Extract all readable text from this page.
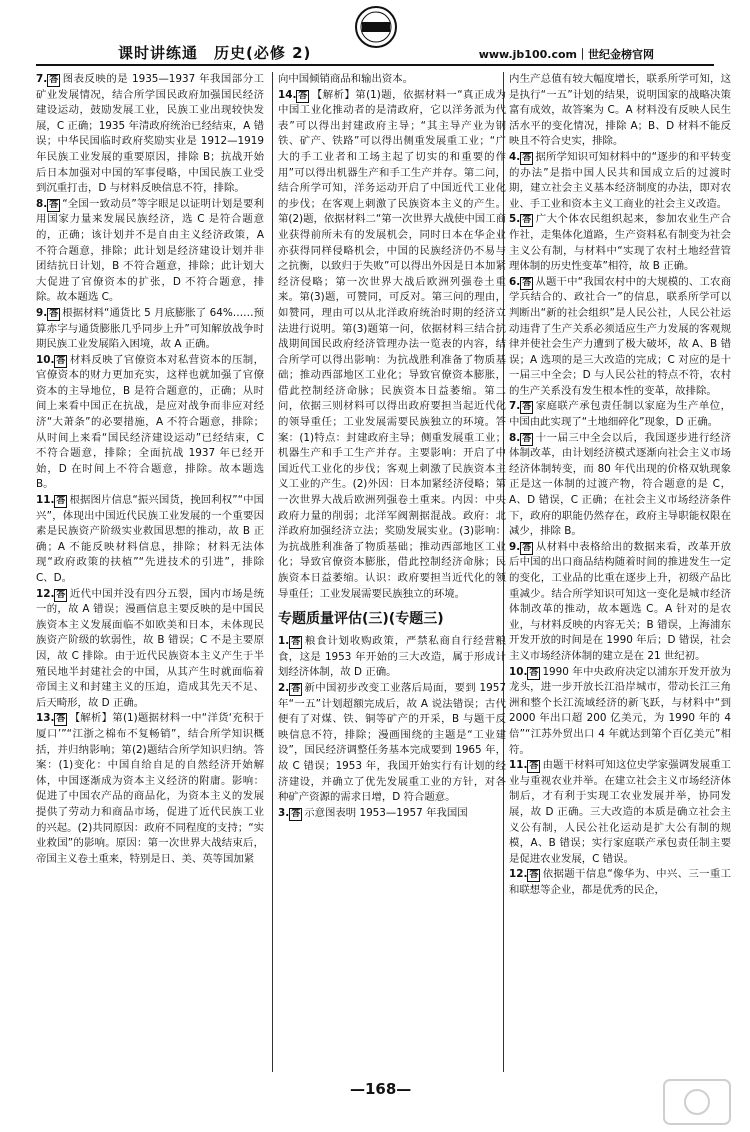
课时讲练通　历史(必修 2)	www.jb100.com｜世纪金榜官网
7. 答 图表反映的是 1935—1937 年我国部分工矿业发展情况，结合所学国民政府加强国民经济建设运动，鼓励发展工业，民族工业出现较快发展，C 正确；1935 年清政府统治已经结束，A 错误；中华民国临时政府奖励实业是 1912—1919 年民族工业发展的重要原因，排除 B；抗战开始后日本加强对中国的军事侵略，中国民族工业受到沉重打击，D 与材料反映信息不符，排除。
8. 答 “全国一致动员”等字眼足以证明计划是要利用国家力量来发展民族经济，选 C 是符合题意的，正确；该计划并不是自由主义经济政策，A 不符合题意，排除；此计划是经济建设计划并非团结抗日计划，B 不符合题意，排除；此计划大大促进了官僚资本的扩张，D 不符合题意，排除。故本题选 C。
9. 答 根据材料“通货比 5 月底膨胀了 64%……预算赤字与通货膨胀几乎同步上升”可知解放战争时期民族工业发展陷入困境，故 A 正确。
10. 答 材料反映了官僚资本对私营资本的压制，官僚资本的财力更加充实，这样也就加强了官僚资本的主导地位，B 是符合题意的，正确；从时间上来看中国正在抗战，是应对战争而非应对经济“大萧条”的必要措施，A 不符合题意，排除；从时间上来看“国民经济建设运动”已经结束，C 不符合题意，排除；全面抗战 1937 年已经开始，D 在时间上不符合题意，排除。故本题选 B。
11. 答 根据图片信息“振兴国货，挽回利权”“中国兴”，体现出中国近代民族工业发展的一个重要因素是民族资产阶级实业救国思想的推动，故 B 正确；A 不能反映材料信息，排除；材料无法体现“政府政策的扶植”“先进技术的引进”，排除 C、D。
12. 答 近代中国并没有四分五裂，国内市场是统一的，故 A 错误；漫画信息主要反映的是中国民族资本主义发展面临不如欧美和日本，未体现民族资产阶级的软弱性，故 B 错误；C 不是主要原因，故 C 排除。由于近代民族资本主义产生于半殖民地半封建社会的中国，从其产生时就面临着帝国主义和封建主义的压迫，造成其先天不足、后天畸形，故 D 正确。
13. 答 【解析】第(1)题据材料一中“洋货‘充积于厦口’”“江浙之棉布不复畅销”，结合所学知识概括，并归纳影响；第(2)题结合所学知识归纳。答案：(1)变化：中国自给自足的自然经济开始解体，中国逐渐成为资本主义经济的附庸。影响：促进了中国农产品的商品化，为资本主义的发展提供了劳动力和商品市场，促进了近代民族工业的兴起。(2)共同原因：政府不同程度的支持；“实业救国”的影响。原因：第一次世界大战结束后，帝国主义卷土重来，特别是日、美、英等国加紧
向中国倾销商品和输出资本。
14. 答 【解析】第(1)题，依据材料一“真正成为中国工业化推动者的是清政府，它以洋务派为代表”可以得出封建政府主导；“其主导产业为钢铁、矿产、铁路”可以得出侧重发展重工业；“广大的手工业者和工场主起了切实的和重要的作用”可以得出机器生产和手工生产并存。第二问，结合所学可知，洋务运动开启了中国近代工业化的步伐；在客观上刺激了民族资本主义的产生。第(2)题，依据材料二“第一次世界大战使中国工商业获得前所未有的发展机会，同时日本在华企业亦获得同样侵略机会，中国的民族经济仍不易与之抗衡，以致归于失败”可以得出外因是日本加紧经济侵略；第一次世界大战后欧洲列强卷土重来。第(3)题，可赞同，可反对。第三问的理由，如赞同，理由可以从北洋政府统治时期的经济立法进行说明。第(3)题第一问，依据材料三结合抗战期间国民政府经济管理办法一览表的内容，结合所学可以得出影响：为抗战胜利准备了物质基础；推动西部地区工业化；导致官僚资本膨胀，借此控制经济命脉；民族资本日益萎缩。第二问，依据三则材料可以得出政府要担当起近代化的领导重任；工业发展需要民族独立的环境。答案：(1)特点：封建政府主导；侧重发展重工业；机器生产和手工生产并存。主要影响：开启了中国近代工业化的步伐；客观上刺激了民族资本主义工业的产生。(2)外因：日本加紧经济侵略；第一次世界大战后欧洲列强卷土重来。内因：中央政府力量的削弱；北洋军阀割据混战。政府：北洋政府加强经济立法；奖励发展实业。(3)影响：为抗战胜利准备了物质基础；推动西部地区工业化；导致官僚资本膨胀，借此控制经济命脉；民族资本日益萎缩。认识：政府要担当近代化的领导重任；工业发展需要民族独立的环境。
专题质量评估(三)(专题三)
1. 答 粮食计划收购政策，严禁私商自行经营粮食，这是 1953 年开始的三大改造，属于形成计划经济体制，故 D 正确。
2. 答 新中国初步改变工业落后局面，要到 1957 年“一五”计划超额完成后，故 A 说法错误；古代便有了对煤、铁、铜等矿产的开采，B 与题干反映信息不符，排除；漫画围绕的主题是“工业建设”，国民经济调整任务基本完成要到 1965 年，故 C 错误；1953 年，我国开始实行有计划的经济建设，并确立了优先发展重工业的方针，对各种矿产资源的需求日增，D 符合题意。
3. 答 示意图表明 1953—1957 年我国国
内生产总值有较大幅度增长，联系所学可知，这是执行“一五”计划的结果，说明国家的战略决策富有成效，故答案为 C。A 材料没有反映人民生活水平的变化情况，排除 A；B、D 材料不能反映且不符合史实，排除。
4. 答 据所学知识可知材料中的“逐步的和平转变的办法”是指中国人民共和国成立后的过渡时期，建立社会主义基本经济制度的办法，即对农业、手工业和资本主义工商业的社会主义改造。
5. 答 广大个体农民组织起来，参加农业生产合作社，走集体化道路，生产资料私有制变为社会主义公有制，与材料中“实现了农村土地经营管理体制的历史性变革”相符，故 B 正确。
6. 答 从题干中“我国农村中的大规模的、工农商学兵结合的、政社合一”的信息，联系所学可以判断出“新的社会组织”是人民公社，人民公社运动违背了生产关系必须适应生产力发展的客观规律并使社会生产力遭到了极大破坏，故 A、B 错误；A 选项的是三大改造的完成；C 对应的是十一届三中全会；D 与人民公社的特点不符，农村的生产关系没有发生根本性的变革，故排除。
7. 答 家庭联产承包责任制以家庭为生产单位，中国由此实现了“土地细碎化”现象，D 正确。
8. 答 十一届三中全会以后，我国逐步进行经济体制改革，由计划经济模式逐渐向社会主义市场经济体制转变，而 80 年代出现的价格双轨现象正是这一体制的过渡产物，符合题意的是 C，A、D 错误，C 正确；在社会主义市场经济条件下，政府的职能仍然存在，政府主导职能权限在减少，排除 B。
9. 答 从材料中表格给出的数据来看，改革开放后中国的出口商品结构随着时间的推进发生一定的变化，工业品的比重在逐步上升，初级产品比重减少。结合所学知识可知这一变化是城市经济体制改革的推动，故本题选 C。A 针对的是农业，与材料反映的内容无关；B 错误，上海浦东开发开放的时间是在 1990 年后；D 错误，社会主义市场经济体制的建立是在 21 世纪初。
10. 答 1990 年中央政府决定以浦东开发开放为龙头，进一步开放长江沿岸城市，带动长江三角洲和整个长江流域经济的新飞跃，与材料中“到 2000 年出口超 200 亿美元，为 1990 年的 4 倍”“江苏外贸出口 4 年就达到第个百亿美元”相符。
11. 答 由题干材料可知这位史学家强调发展重工业与重视农业并举。在建立社会主义市场经济体制后，才有利于实现工农业发展并举，协同发展，故 D 正确。三大改造的本质是确立社会主义公有制，人民公社化运动是扩大公有制的规模，A、B 错误；实行家庭联产承包责任制主要是促进农业发展，C 错误。
12. 答 依据题干信息“像华为、中兴、三一重工和联想等企业，都是优秀的民企，
—168—
